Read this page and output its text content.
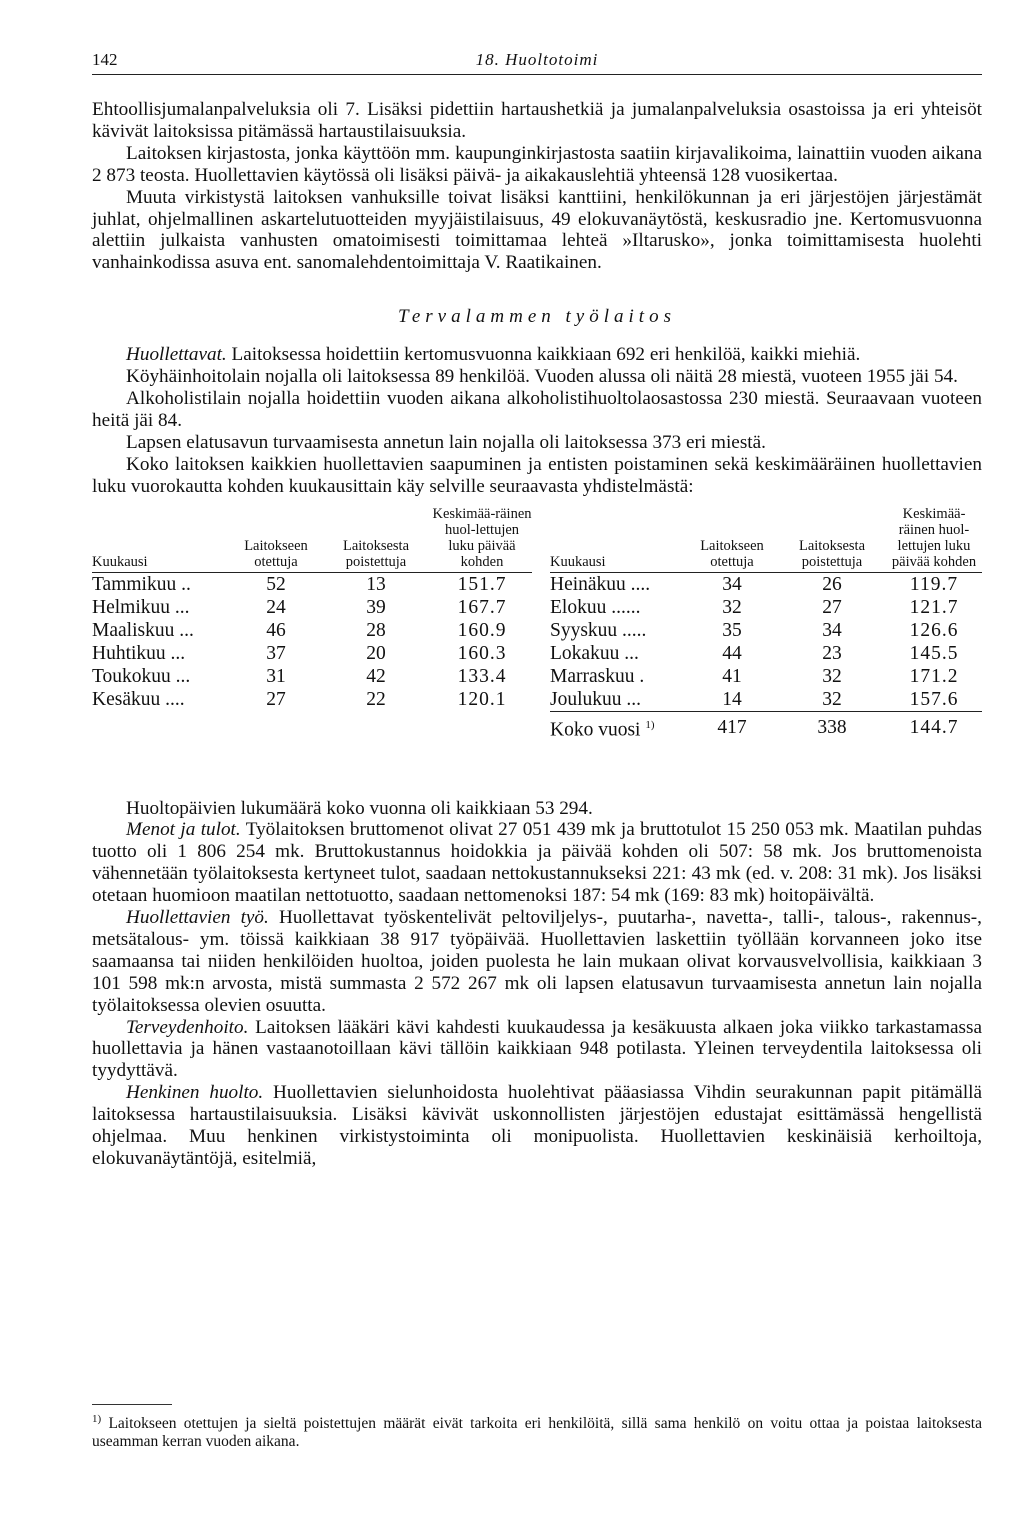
142	18. Huoltotoimi

Ehtoollisjumalanpalveluksia oli 7. Lisäksi pidettiin hartaushetkiä ja jumalanpalveluksia osastoissa ja eri yhteisöt kävivät laitoksissa pitämässä hartaustilaisuuksia.

Laitoksen kirjastosta, jonka käyttöön mm. kaupunginkirjastosta saatiin kirjavalikoima, lainattiin vuoden aikana 2 873 teosta. Huollettavien käytössä oli lisäksi päivä- ja aikakauslehtiä yhteensä 128 vuosikertaa.

Muuta virkistystä laitoksen vanhuksille toivat lisäksi kanttiini, henkilökunnan ja eri järjestöjen järjestämät juhlat, ohjelmallinen askartelutuotteiden myyjäistilaisuus, 49 elokuvanäytöstä, keskusradio jne. Kertomusvuonna alettiin julkaista vanhusten omatoimisesti toimittamaa lehteä »Iltarusko», jonka toimittamisesta huolehti vanhainkodissa asuva ent. sanomalehdentoimittaja V. Raatikainen.

Tervalammen työlaitos

Huollettavat. Laitoksessa hoidettiin kertomusvuonna kaikkiaan 692 eri henkilöä, kaikki miehiä.

Köyhäinhoitolain nojalla oli laitoksessa 89 henkilöä. Vuoden alussa oli näitä 28 miestä, vuoteen 1955 jäi 54.

Alkoholistilain nojalla hoidettiin vuoden aikana alkoholistihuoltolaosastossa 230 miestä. Seuraavaan vuoteen heitä jäi 84.

Lapsen elatusavun turvaamisesta annetun lain nojalla oli laitoksessa 373 eri miestä.

Koko laitoksen kaikkien huollettavien saapuminen ja entisten poistaminen sekä keskimääräinen huollettavien luku vuorokautta kohden kuukausittain käy selville seuraavasta yhdistelmästä:

Kuukausi	Laitokseen otettuja	Laitoksesta poistettuja	Keskimää-räinen huol-lettujen luku päivää kohden
Tammikuu ..	52	13	151.7
Helmikuu ...	24	39	167.7
Maaliskuu ...	46	28	160.9
Huhtikuu ...	37	20	160.3
Toukokuu ...	31	42	133.4
Kesäkuu ....	27	22	120.1
Kuukausi	Laitokseen otettuja	Laitoksesta poistettuja	Keskimää-räinen huol-lettujen luku päivää kohden
Heinäkuu ....	34	26	119.7
Elokuu ......	32	27	121.7
Syyskuu .....	35	34	126.6
Lokakuu ...	44	23	145.5
Marraskuu .	41	32	171.2
Joulukuu ...	14	32	157.6
Koko vuosi $^{1)}$	417	338	144.7

Huoltopäivien lukumäärä koko vuonna oli kaikkiaan 53 294.

Menot ja tulot. Työlaitoksen bruttomenot olivat 27 051 439 mk ja bruttotulot 15 250 053 mk. Maatilan puhdas tuotto oli 1 806 254 mk. Bruttokustannus hoidokkia ja päivää kohden oli 507: 58 mk. Jos bruttomenoista vähennetään työlaitoksesta kertyneet tulot, saadaan nettokustannukseksi 221: 43 mk (ed. v. 208: 31 mk). Jos lisäksi otetaan huomioon maatilan nettotuotto, saadaan nettomenoksi 187: 54 mk (169: 83 mk) hoitopäivältä.

Huollettavien työ. Huollettavat työskentelivät peltoviljelys-, puutarha-, navetta-, talli-, talous-, rakennus-, metsätalous- ym. töissä kaikkiaan 38 917 työpäivää. Huollettavien laskettiin työllään korvanneen joko itse saamaansa tai niiden henkilöiden huoltoa, joiden puolesta he lain mukaan olivat korvausvelvollisia, kaikkiaan 3 101 598 mk:n arvosta, mistä summasta 2 572 267 mk oli lapsen elatusavun turvaamisesta annetun lain nojalla työlaitoksessa olevien osuutta.

Terveydenhoito. Laitoksen lääkäri kävi kahdesti kuukaudessa ja kesäkuusta alkaen joka viikko tarkastamassa huollettavia ja hänen vastaanotoillaan kävi tällöin kaikkiaan 948 potilasta. Yleinen terveydentila laitoksessa oli tyydyttävä.

Henkinen huolto. Huollettavien sielunhoidosta huolehtivat pääasiassa Vihdin seurakunnan papit pitämällä laitoksessa hartaustilaisuuksia. Lisäksi kävivät uskonnollisten järjestöjen edustajat esittämässä hengellistä ohjelmaa. Muu henkinen virkistystoiminta oli monipuolista. Huollettavien keskinäisiä kerhoiltoja, elokuvanäytäntöjä, esitelmiä,

$^{1)}$ Laitokseen otettujen ja sieltä poistettujen määrät eivät tarkoita eri henkilöitä, sillä sama henkilö on voitu ottaa ja poistaa laitoksesta useamman kerran vuoden aikana.
